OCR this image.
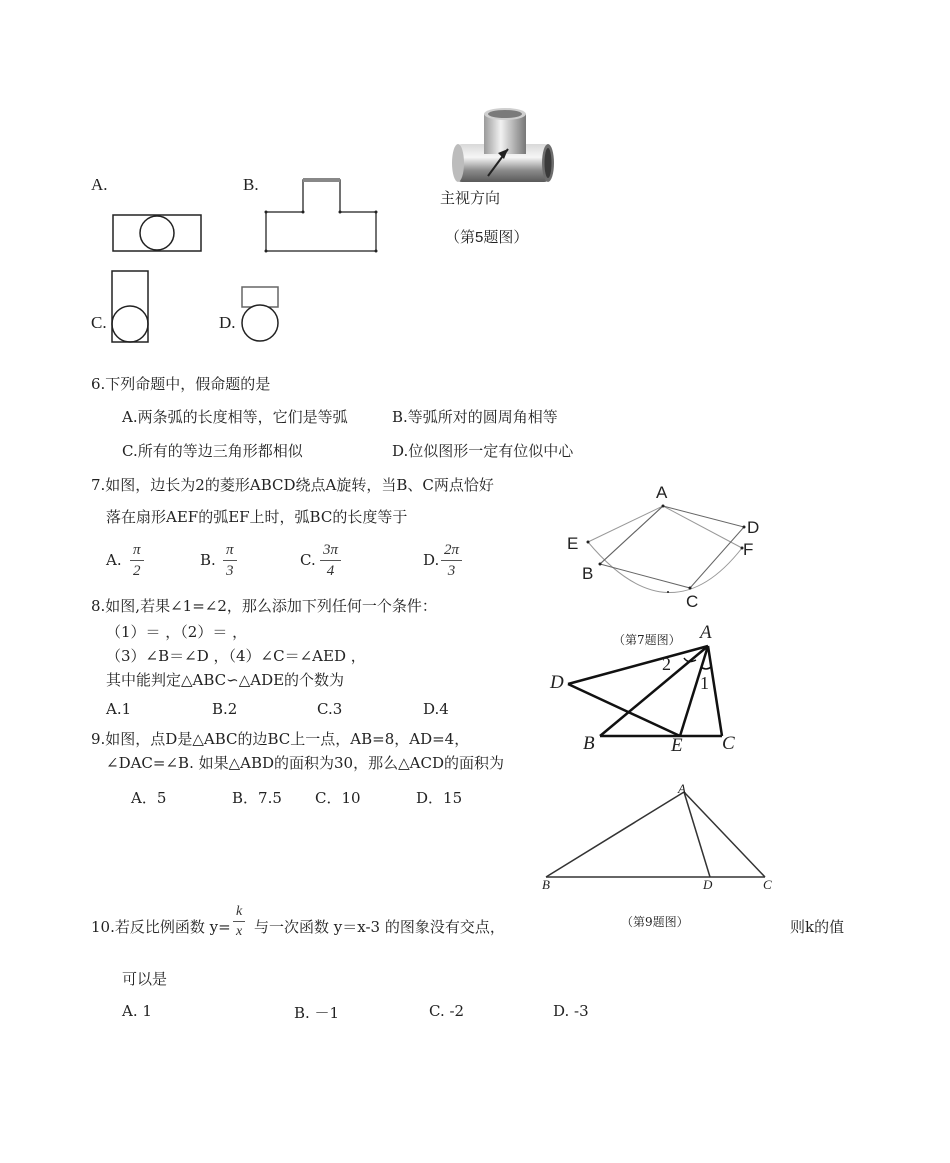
A.	B.
C.	D.
主视方向
（第5题图）
6.下列命题中，假命题的是
A.两条弧的长度相等，它们是等弧	B.等弧所对的圆周角相等
C.所有的等边三角形都相似	D.位似图形一定有位似中心
7.如图，边长为2的菱形ABCD绕点A旋转，当B、C两点恰好
落在扇形AEF的弧EF上时，弧BC的长度等于
A. $\frac{\pi}{2}$	B. $\frac{\pi}{3}$	C. $\frac{3\pi}{4}$	D. $\frac{2\pi}{3}$
A
B
C
D
E	F
（第7题图）
8.如图,若果∠1=∠2，那么添加下列任何一个条件：
（1）＝ ，（2）＝ ，
（3）∠B＝∠D ，（4）∠C＝∠AED ，
其中能判定△ABC∽△ADE的个数为
A.1	B.2	C.3	D.4
A
B	C
D
E
1
2
9.如图，点D是△ABC的边BC上一点，AB=8，AD=4，
∠DAC=∠B. 如果△ABD的面积为30，那么△ACD的面积为
A．5	B．7.5 C．10	D．15
A
B	D	C
（第9题图）
10.若反比例函数 $y= \frac{k}{x}$ 与一次函数 y＝x-3 的图象没有交点，	则k的值
可以是
A. 1	B. －1	C. -2	D. -3
